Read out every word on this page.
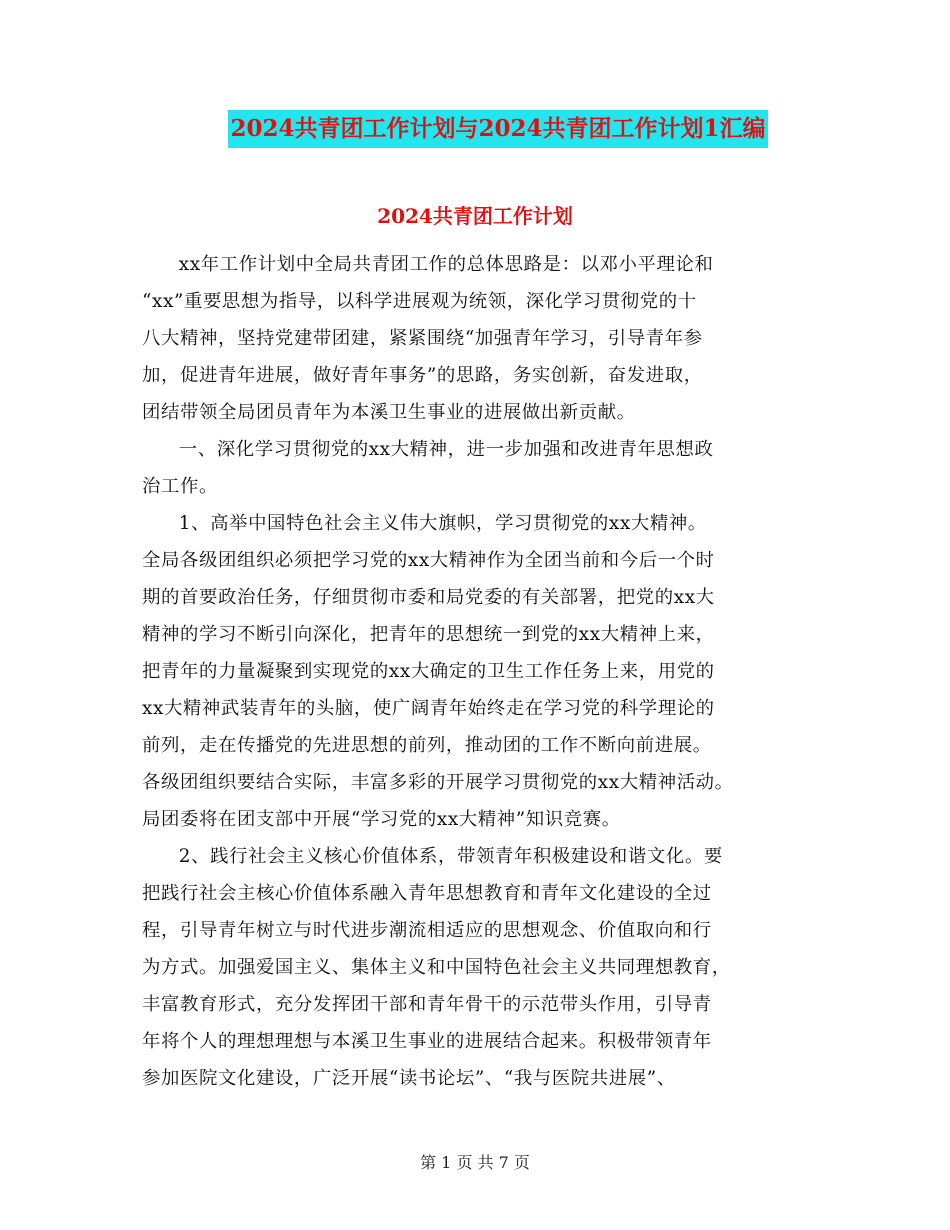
2024共青团工作计划与2024共青团工作计划1汇编
2024共青团工作计划

xx年工作计划中全局共青团工作的总体思路是：以邓小平理论和

“xx”重要思想为指导，以科学进展观为统领，深化学习贯彻党的十

八大精神，坚持党建带团建，紧紧围绕“加强青年学习，引导青年参

加，促进青年进展，做好青年事务”的思路，务实创新，奋发进取，

团结带领全局团员青年为本溪卫生事业的进展做出新贡献。

一、深化学习贯彻党的xx大精神，进一步加强和改进青年思想政

治工作。

1、高举中国特色社会主义伟大旗帜，学习贯彻党的xx大精神。

全局各级团组织必须把学习党的xx大精神作为全团当前和今后一个时

期的首要政治任务，仔细贯彻市委和局党委的有关部署，把党的xx大

精神的学习不断引向深化，把青年的思想统一到党的xx大精神上来，

把青年的力量凝聚到实现党的xx大确定的卫生工作任务上来，用党的

xx大精神武装青年的头脑，使广阔青年始终走在学习党的科学理论的

前列，走在传播党的先进思想的前列，推动团的工作不断向前进展。

各级团组织要结合实际，丰富多彩的开展学习贯彻党的xx大精神活动。

局团委将在团支部中开展“学习党的xx大精神”知识竞赛。

2、践行社会主义核心价值体系，带领青年积极建设和谐文化。要

把践行社会主核心价值体系融入青年思想教育和青年文化建设的全过

程，引导青年树立与时代进步潮流相适应的思想观念、价值取向和行

为方式。加强爱国主义、集体主义和中国特色社会主义共同理想教育，

丰富教育形式，充分发挥团干部和青年骨干的示范带头作用，引导青

年将个人的理想理想与本溪卫生事业的进展结合起来。积极带领青年

参加医院文化建设，广泛开展“读书论坛”、“我与医院共进展”、

第 1 页 共 7 页
